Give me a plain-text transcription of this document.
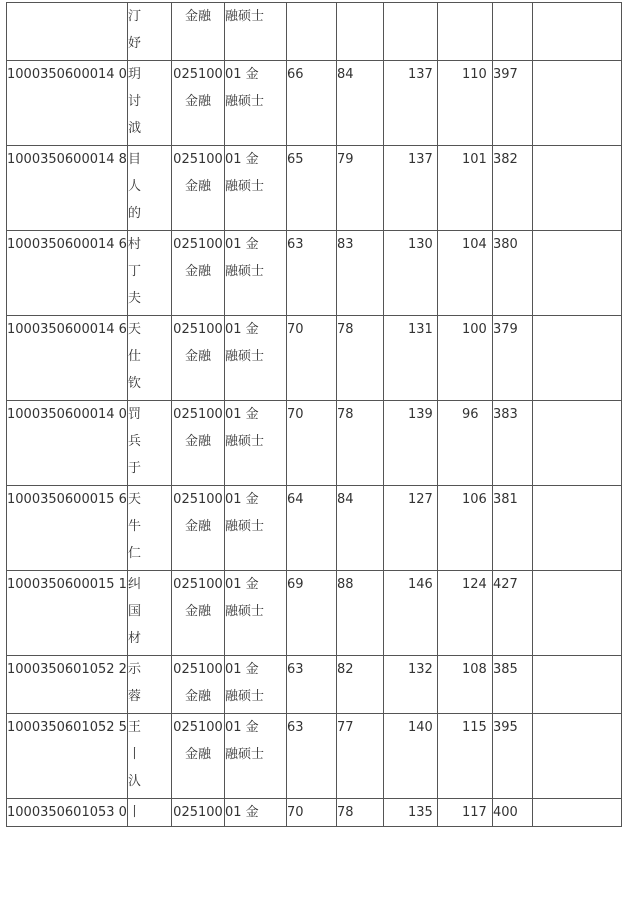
	汀
妤	金融	融硕士						
1000350600014 0	玥
讨
泧	025100
金融	01 金
融硕士	66	84	137	110	397	
1000350600014 8	目
人
的	025100
金融	01 金
融硕士	65	79	137	101	382	
1000350600014 6	村
丁
夫	025100
金融	01 金
融硕士	63	83	130	104	380	
1000350600014 6	天
仕
钦	025100
金融	01 金
融硕士	70	78	131	100	379	
1000350600014 0	罚
兵
于	025100
金融	01 金
融硕士	70	78	139	96	383	
1000350600015 6	天
牛
仁	025100
金融	01 金
融硕士	64	84	127	106	381	
1000350600015 1	纠
国
材	025100
金融	01 金
融硕士	69	88	146	124	427	
1000350601052 2	示
蓉	025100
金融	01 金
融硕士	63	82	132	108	385	
1000350601052 5	王
丨
汄	025100
金融	01 金
融硕士	63	77	140	115	395	
1000350601053 0	丨	025100	01 金	70	78	135	117	400	
